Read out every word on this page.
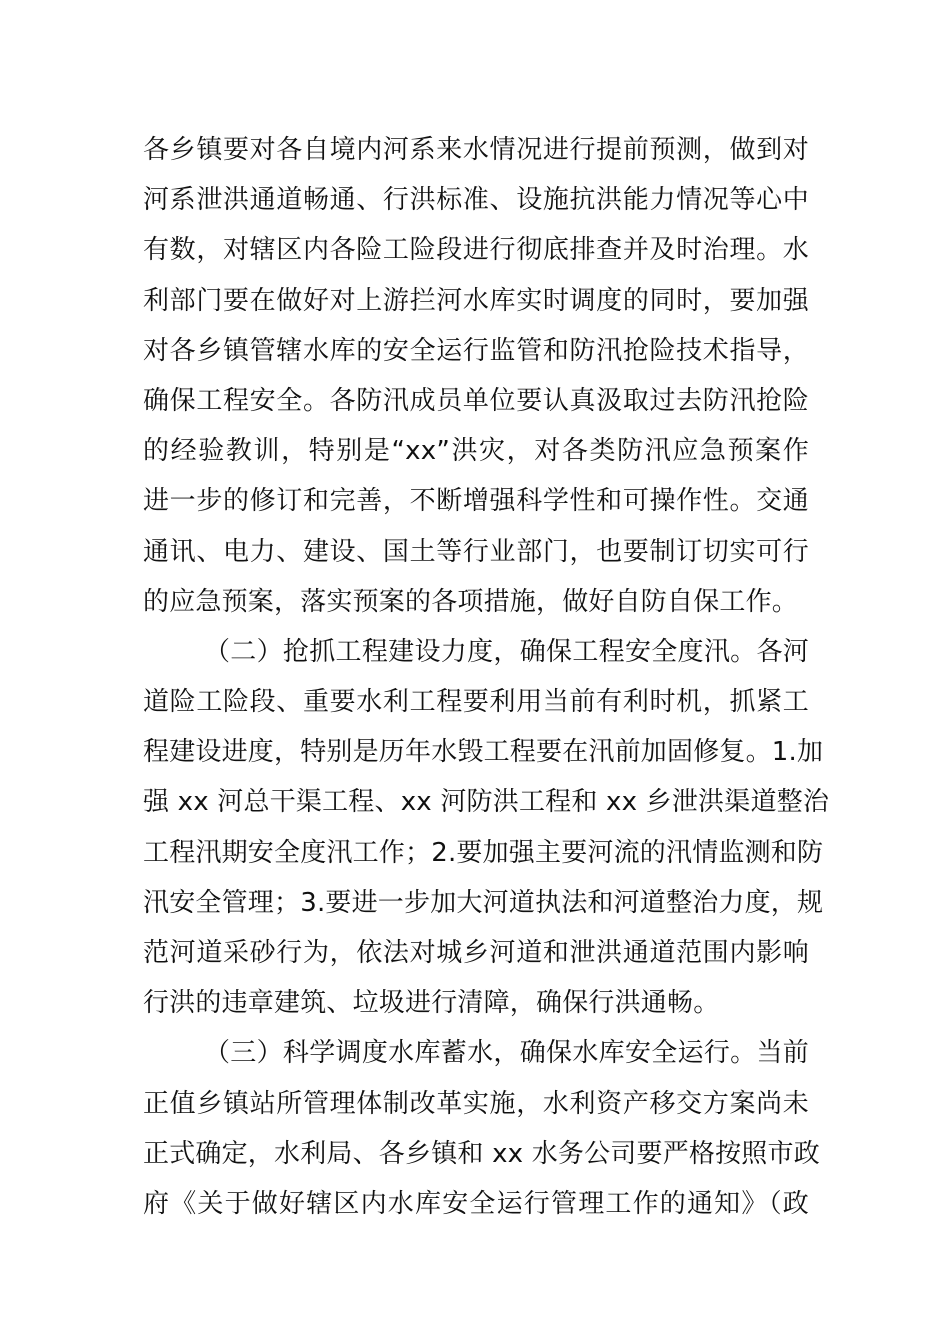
各乡镇要对各自境内河系来水情况进行提前预测，做到对
河系泄洪通道畅通、行洪标准、设施抗洪能力情况等心中
有数，对辖区内各险工险段进行彻底排查并及时治理。水
利部门要在做好对上游拦河水库实时调度的同时，要加强
对各乡镇管辖水库的安全运行监管和防汛抢险技术指导，
确保工程安全。各防汛成员单位要认真汲取过去防汛抢险
的经验教训，特别是“xx”洪灾，对各类防汛应急预案作
进一步的修订和完善，不断增强科学性和可操作性。交通
通讯、电力、建设、国土等行业部门，也要制订切实可行
的应急预案，落实预案的各项措施，做好自防自保工作。
（二）抢抓工程建设力度，确保工程安全度汛。各河
道险工险段、重要水利工程要利用当前有利时机，抓紧工
程建设进度，特别是历年水毁工程要在汛前加固修复。1.加
强 xx 河总干渠工程、xx 河防洪工程和 xx 乡泄洪渠道整治
工程汛期安全度汛工作；2.要加强主要河流的汛情监测和防
汛安全管理；3.要进一步加大河道执法和河道整治力度，规
范河道采砂行为，依法对城乡河道和泄洪通道范围内影响
行洪的违章建筑、垃圾进行清障，确保行洪通畅。
（三）科学调度水库蓄水，确保水库安全运行。当前
正值乡镇站所管理体制改革实施，水利资产移交方案尚未
正式确定，水利局、各乡镇和 xx 水务公司要严格按照市政
府《关于做好辖区内水库安全运行管理工作的通知》（政
